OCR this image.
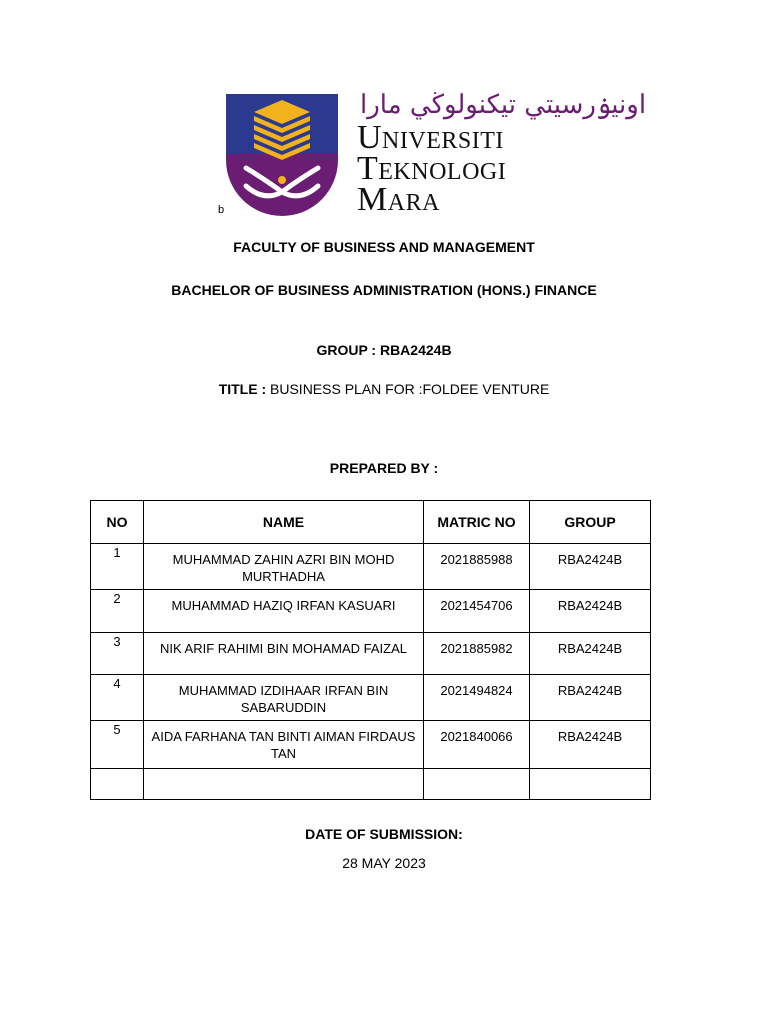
اونيۏرسيتي تيکنولوڬي مارا
Universiti
Teknologi
Mara
b
FACULTY OF BUSINESS AND MANAGEMENT
BACHELOR OF BUSINESS ADMINISTRATION (HONS.) FINANCE
GROUP : RBA2424B
TITLE : BUSINESS PLAN FOR :FOLDEE VENTURE
PREPARED BY :
NO	NAME	MATRIC NO	GROUP
1	MUHAMMAD ZAHIN AZRI BIN MOHD MURTHADHA	2021885988	RBA2424B
2	MUHAMMAD HAZIQ IRFAN KASUARI	2021454706	RBA2424B
3	NIK ARIF RAHIMI BIN MOHAMAD FAIZAL	2021885982	RBA2424B
4	MUHAMMAD IZDIHAAR IRFAN BIN SABARUDDIN	2021494824	RBA2424B
5	AIDA FARHANA TAN BINTI AIMAN FIRDAUS TAN	2021840066	RBA2424B

DATE OF SUBMISSION:
28 MAY 2023
